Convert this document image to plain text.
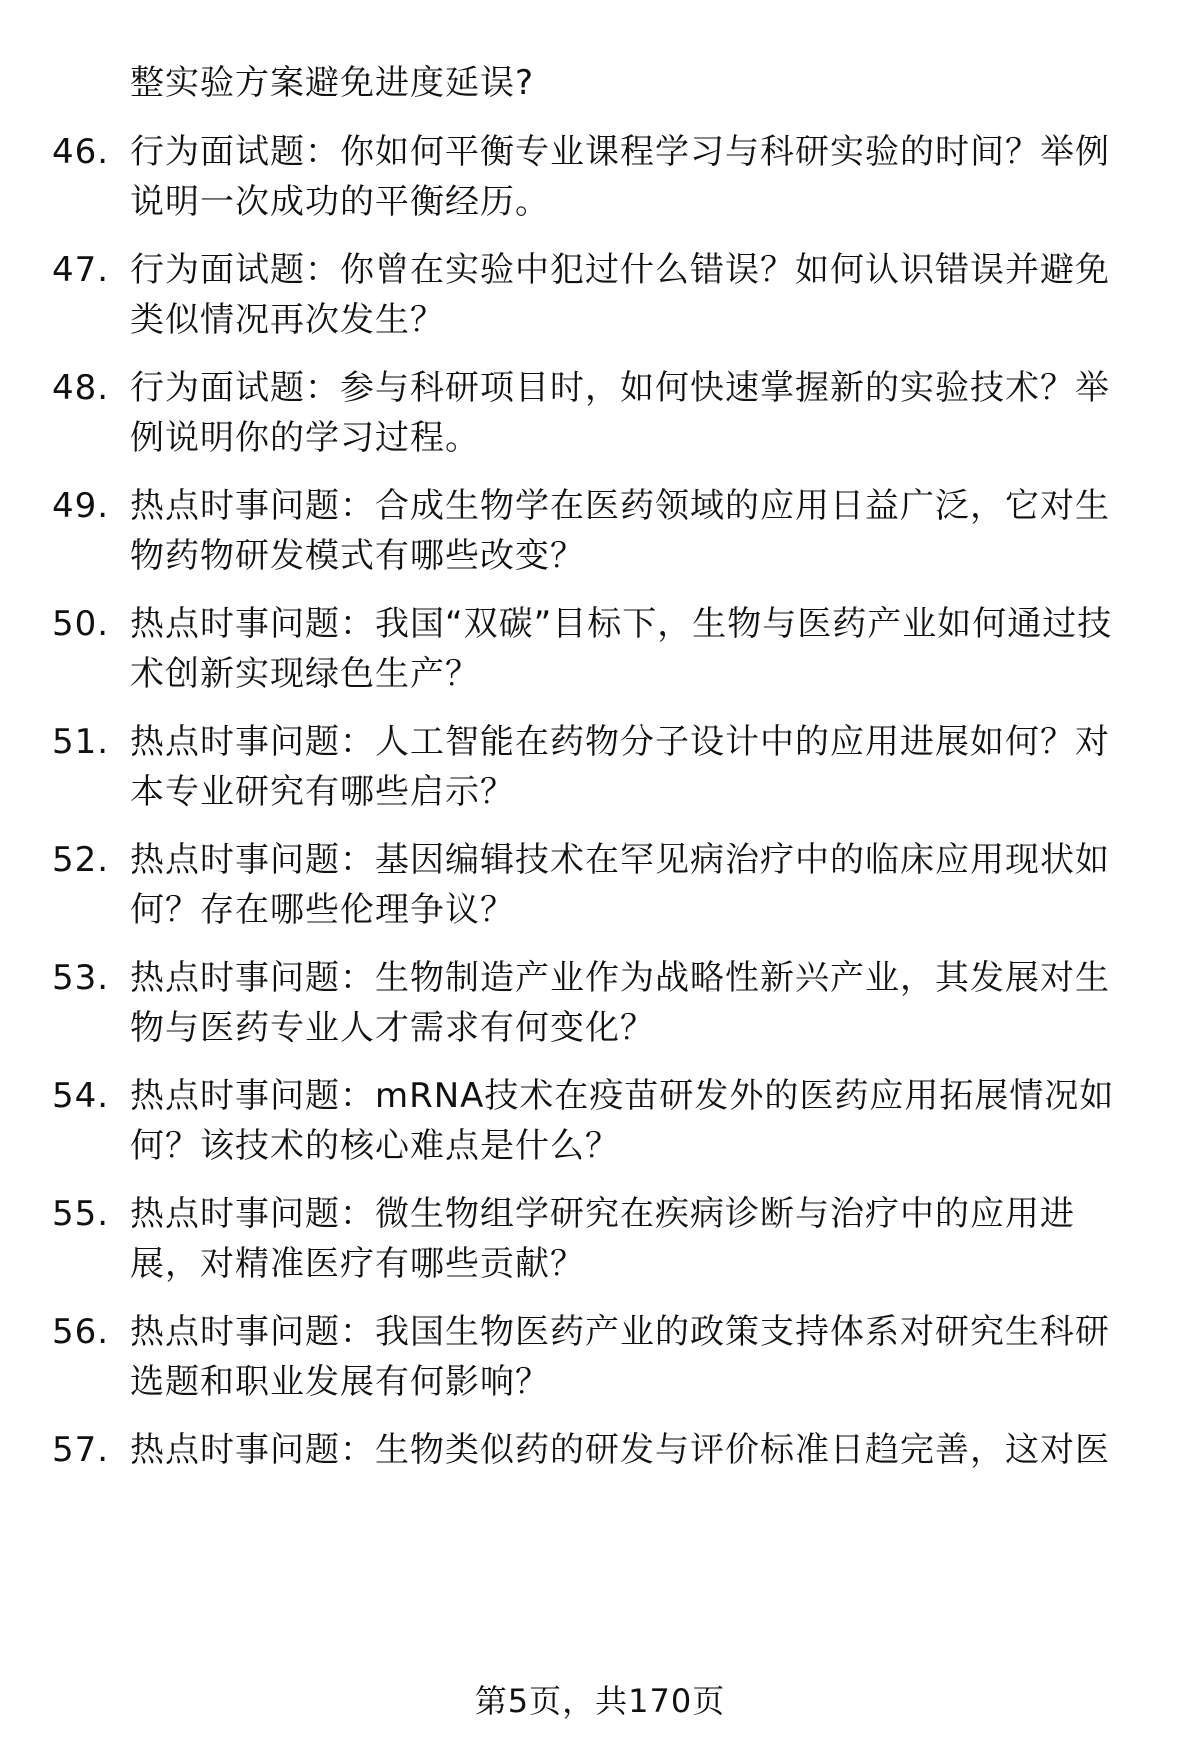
整实验方案避免进度延误?
46. 行为面试题：你如何平衡专业课程学习与科研实验的时间？举例说明一次成功的平衡经历。
47. 行为面试题：你曾在实验中犯过什么错误？如何认识错误并避免类似情况再次发生？
48. 行为面试题：参与科研项目时，如何快速掌握新的实验技术？举例说明你的学习过程。
49. 热点时事问题：合成生物学在医药领域的应用日益广泛，它对生物药物研发模式有哪些改变？
50. 热点时事问题：我国“双碳”目标下，生物与医药产业如何通过技术创新实现绿色生产？
51. 热点时事问题：人工智能在药物分子设计中的应用进展如何？对本专业研究有哪些启示？
52. 热点时事问题：基因编辑技术在罕见病治疗中的临床应用现状如何？存在哪些伦理争议？
53. 热点时事问题：生物制造产业作为战略性新兴产业，其发展对生物与医药专业人才需求有何变化？
54. 热点时事问题：mRNA技术在疫苗研发外的医药应用拓展情况如何？该技术的核心难点是什么？
55. 热点时事问题：微生物组学研究在疾病诊断与治疗中的应用进展，对精准医疗有哪些贡献？
56. 热点时事问题：我国生物医药产业的政策支持体系对研究生科研选题和职业发展有何影响？
57. 热点时事问题：生物类似药的研发与评价标准日趋完善，这对医
第5页，共170页
